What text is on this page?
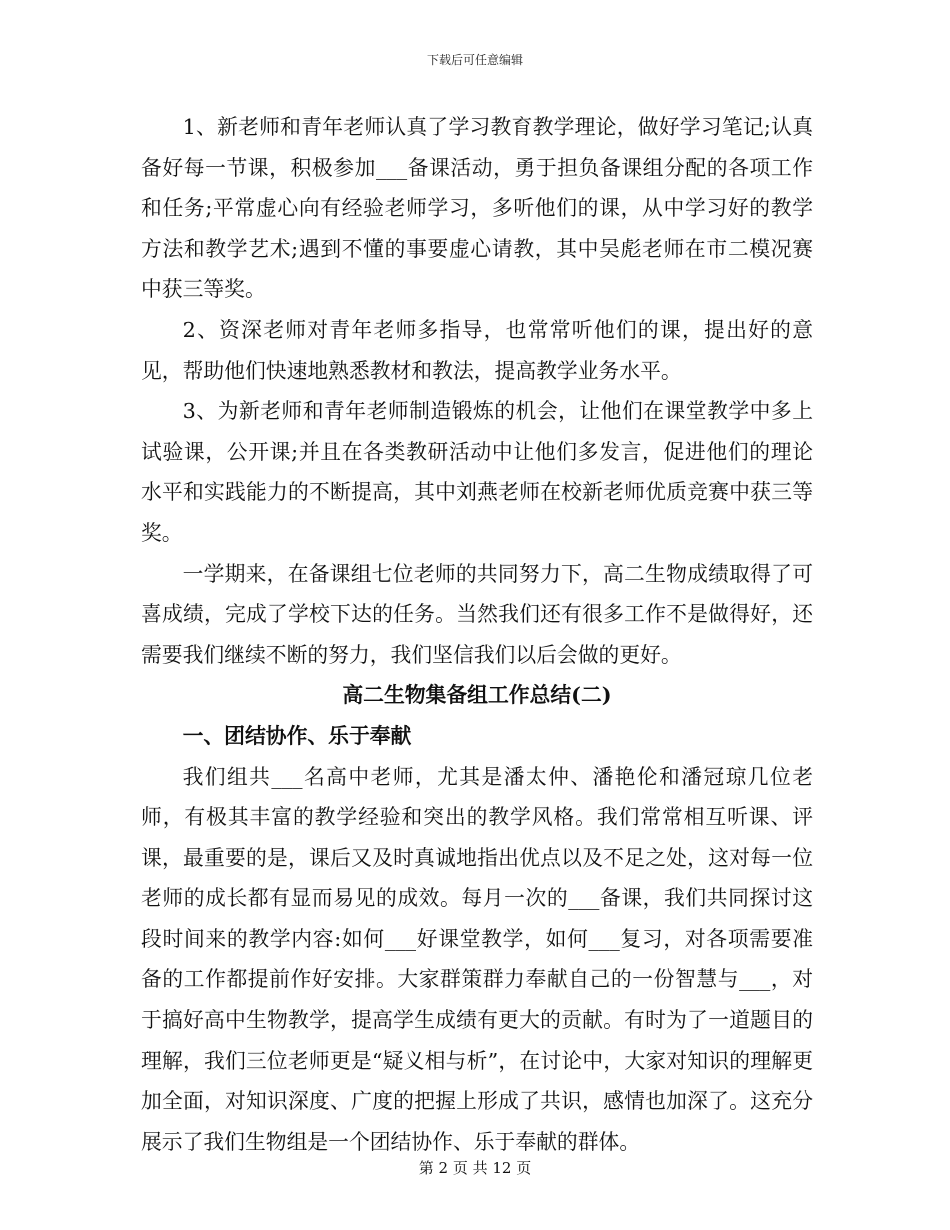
下载后可任意编辑

1、新老师和青年老师认真了学习教育教学理论，做好学习笔记;认真备好每一节课，积极参加___备课活动，勇于担负备课组分配的各项工作和任务;平常虚心向有经验老师学习，多听他们的课，从中学习好的教学方法和教学艺术;遇到不懂的事要虚心请教，其中吴彪老师在市二模况赛中获三等奖。

2、资深老师对青年老师多指导，也常常听他们的课，提出好的意见，帮助他们快速地熟悉教材和教法，提高教学业务水平。

3、为新老师和青年老师制造锻炼的机会，让他们在课堂教学中多上试验课，公开课;并且在各类教研活动中让他们多发言，促进他们的理论水平和实践能力的不断提高，其中刘燕老师在校新老师优质竞赛中获三等奖。

一学期来，在备课组七位老师的共同努力下，高二生物成绩取得了可喜成绩，完成了学校下达的任务。当然我们还有很多工作不是做得好，还需要我们继续不断的努力，我们坚信我们以后会做的更好。

高二生物集备组工作总结(二)
一、团结协作、乐于奉献

我们组共___名高中老师，尤其是潘太仲、潘艳伦和潘冠琼几位老师，有极其丰富的教学经验和突出的教学风格。我们常常相互听课、评课，最重要的是，课后又及时真诚地指出优点以及不足之处，这对每一位老师的成长都有显而易见的成效。每月一次的___备课，我们共同探讨这段时间来的教学内容:如何___好课堂教学，如何___复习，对各项需要准备的工作都提前作好安排。大家群策群力奉献自己的一份智慧与___，对于搞好高中生物教学，提高学生成绩有更大的贡献。有时为了一道题目的理解，我们三位老师更是“疑义相与析”，在讨论中，大家对知识的理解更加全面，对知识深度、广度的把握上形成了共识，感情也加深了。这充分展示了我们生物组是一个团结协作、乐于奉献的群体。

第 2 页 共 12 页
